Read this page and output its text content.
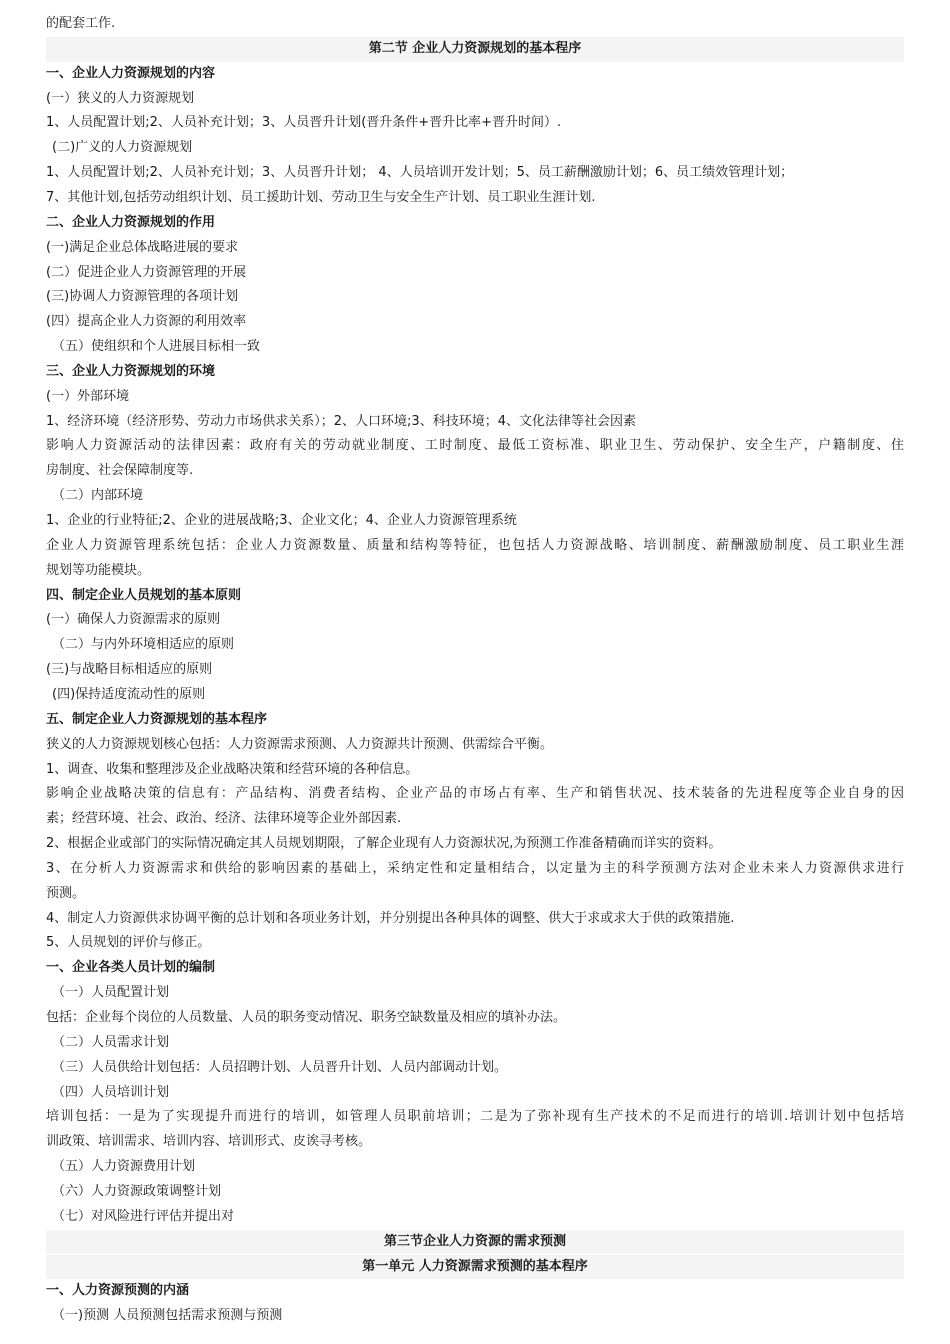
的配套工作.
第二节 企业人力资源规划的基本程序
一、企业人力资源规划的内容
(一）狭义的人力资源规划
1、人员配置计划;2、人员补充计划；3、人员晋升计划(晋升条件+晋升比率+晋升时间）.
(二)广义的人力资源规划
1、人员配置计划;2、人员补充计划；3、人员晋升计划； 4、人员培训开发计划；5、员工薪酬激励计划；6、员工绩效管理计划；
7、其他计划,包括劳动组织计划、员工援助计划、劳动卫生与安全生产计划、员工职业生涯计划.
二、企业人力资源规划的作用
(一)满足企业总体战略进展的要求
(二）促进企业人力资源管理的开展
(三)协调人力资源管理的各项计划
(四）提高企业人力资源的利用效率
（五）使组织和个人进展目标相一致
三、企业人力资源规划的环境
(一）外部环境
1、经济环境（经济形势、劳动力市场供求关系）；2、人口环境;3、科技环境；4、文化法律等社会因素
影响人力资源活动的法律因素：政府有关的劳动就业制度、工时制度、最低工资标准、职业卫生、劳动保护、安全生产，户籍制度、住
房制度、社会保障制度等.
（二）内部环境
1、企业的行业特征;2、企业的进展战略;3、企业文化；4、企业人力资源管理系统
企业人力资源管理系统包括：企业人力资源数量、质量和结构等特征，也包括人力资源战略、培训制度、薪酬激励制度、员工职业生涯
规划等功能模块。
四、制定企业人员规划的基本原则
(一）确保人力资源需求的原则
（二）与内外环境相适应的原则
(三)与战略目标相适应的原则
(四)保持适度流动性的原则
五、制定企业人力资源规划的基本程序
狭义的人力资源规划核心包括：人力资源需求预测、人力资源共计预测、供需综合平衡。
1、调查、收集和整理涉及企业战略决策和经营环境的各种信息。
影响企业战略决策的信息有：产品结构、消费者结构、企业产品的市场占有率、生产和销售状况、技术装备的先进程度等企业自身的因
素；经营环境、社会、政治、经济、法律环境等企业外部因素.
2、根据企业或部门的实际情况确定其人员规划期限，了解企业现有人力资源状况,为预测工作准备精确而详实的资料。
3、在分析人力资源需求和供给的影响因素的基础上，采纳定性和定量相结合，以定量为主的科学预测方法对企业未来人力资源供求进行
预测。
4、制定人力资源供求协调平衡的总计划和各项业务计划，并分别提出各种具体的调整、供大于求或求大于供的政策措施.
5、人员规划的评价与修正。
一、企业各类人员计划的编制
（一）人员配置计划
包括：企业每个岗位的人员数量、人员的职务变动情况、职务空缺数量及相应的填补办法。
（二）人员需求计划
（三）人员供给计划包括：人员招聘计划、人员晋升计划、人员内部调动计划。
（四）人员培训计划
培训包括：一是为了实现提升而进行的培训，如管理人员职前培训；二是为了弥补现有生产技术的不足而进行的培训.培训计划中包括培
训政策、培训需求、培训内容、培训形式、皮诶寻考核。
（五）人力资源费用计划
（六）人力资源政策调整计划
（七）对风险进行评估并提出对
第三节企业人力资源的需求预测
第一单元 人力资源需求预测的基本程序
一、人力资源预测的内涵
（一)预测 人员预测包括需求预测与预测
